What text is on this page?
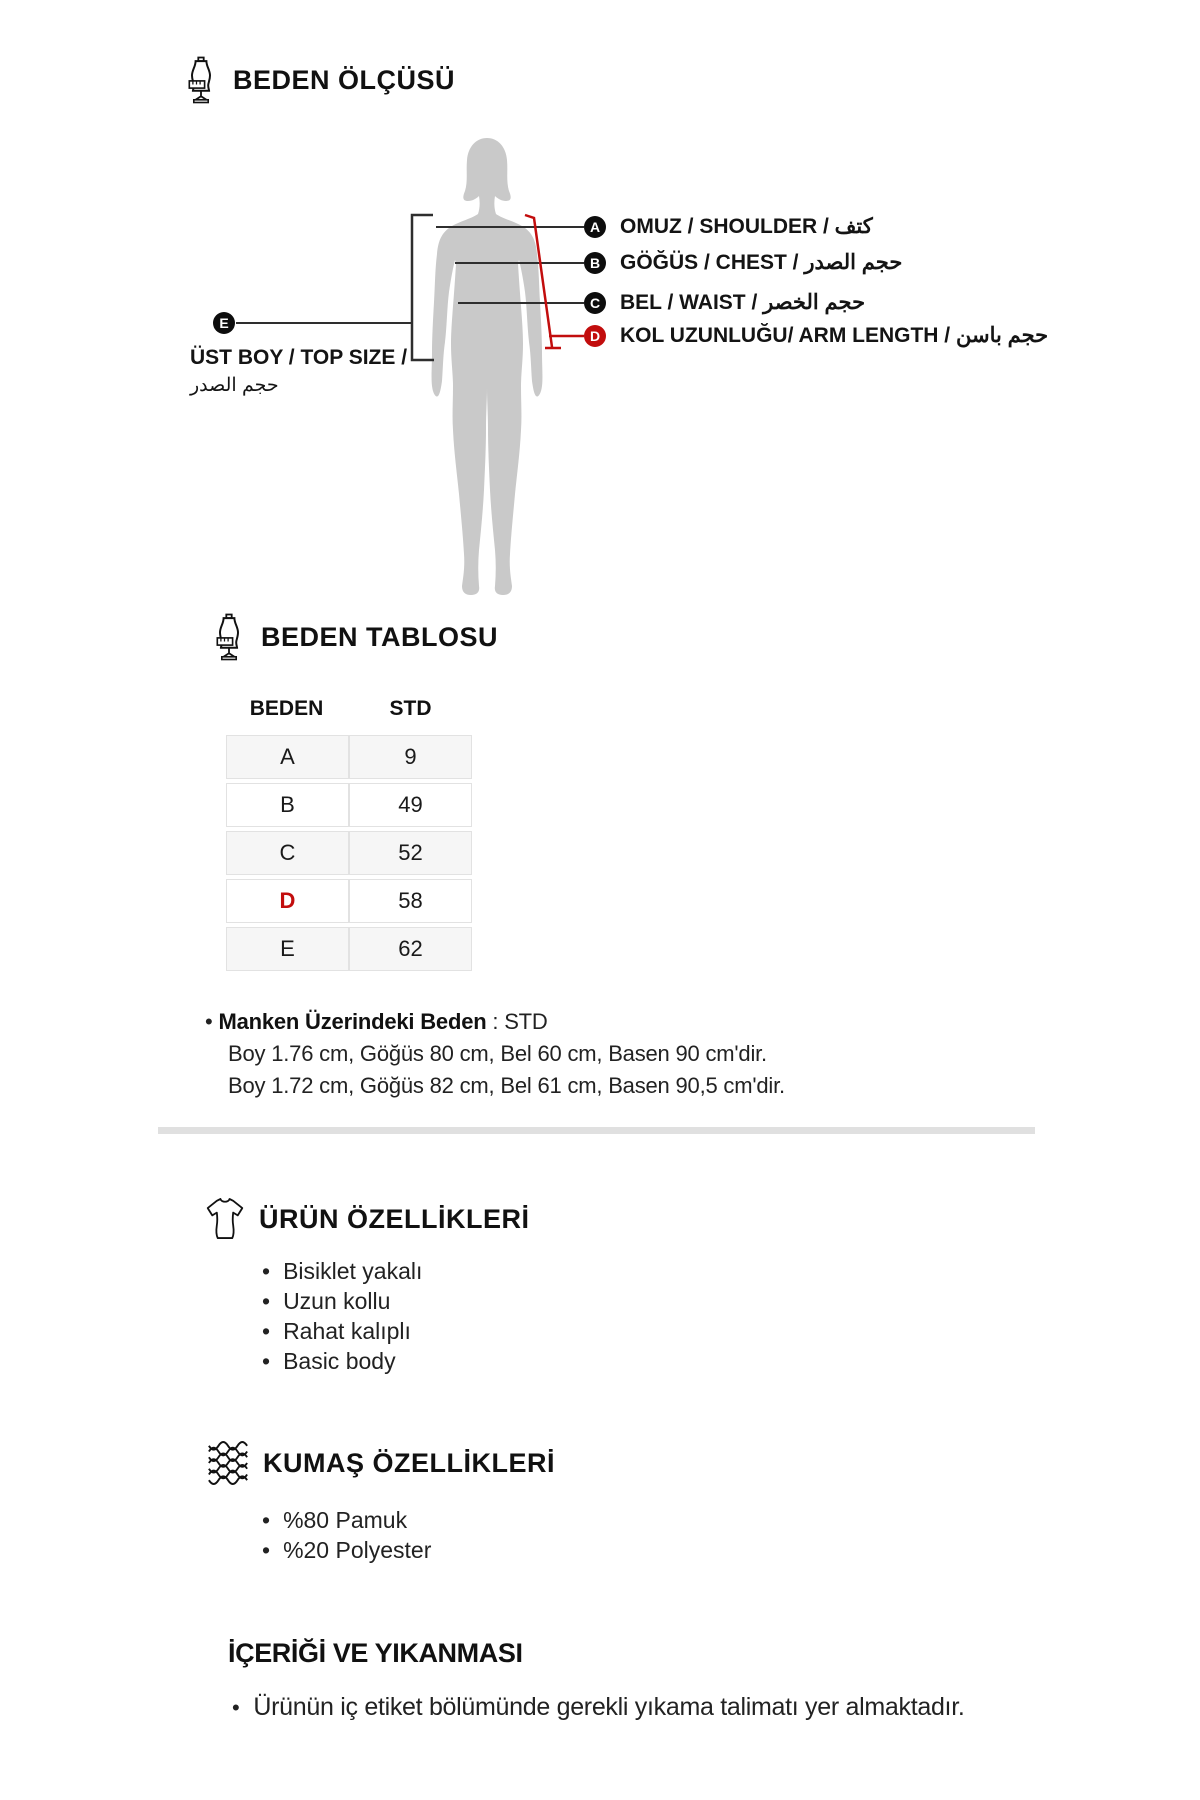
BEDEN ÖLÇÜSÜ
A
B
C
D
E
OMUZ / SHOULDER / كتف
GÖĞÜS / CHEST / حجم الصدر
BEL / WAIST / حجم الخصر
KOL UZUNLUĞU/ ARM LENGTH / حجم باسن
ÜST BOY / TOP SIZE /
حجم الصدر
BEDEN TABLOSU
BEDEN	STD
A	9
B	49
C	52
D	58
E	62
• Manken Üzerindeki Beden : STD
Boy 1.76 cm, Göğüs 80 cm, Bel 60 cm, Basen 90 cm'dir.
Boy 1.72 cm, Göğüs 82 cm, Bel 61 cm, Basen 90,5 cm'dir.
ÜRÜN ÖZELLİKLERİ
•
Bisiklet yakalı
•
Uzun kollu
•
Rahat kalıplı
•
Basic body
KUMAŞ ÖZELLİKLERİ
•
%80 Pamuk
•
%20 Polyester
İÇERİĞİ VE YIKANMASI
•
Ürünün iç etiket bölümünde gerekli yıkama talimatı yer almaktadır.
